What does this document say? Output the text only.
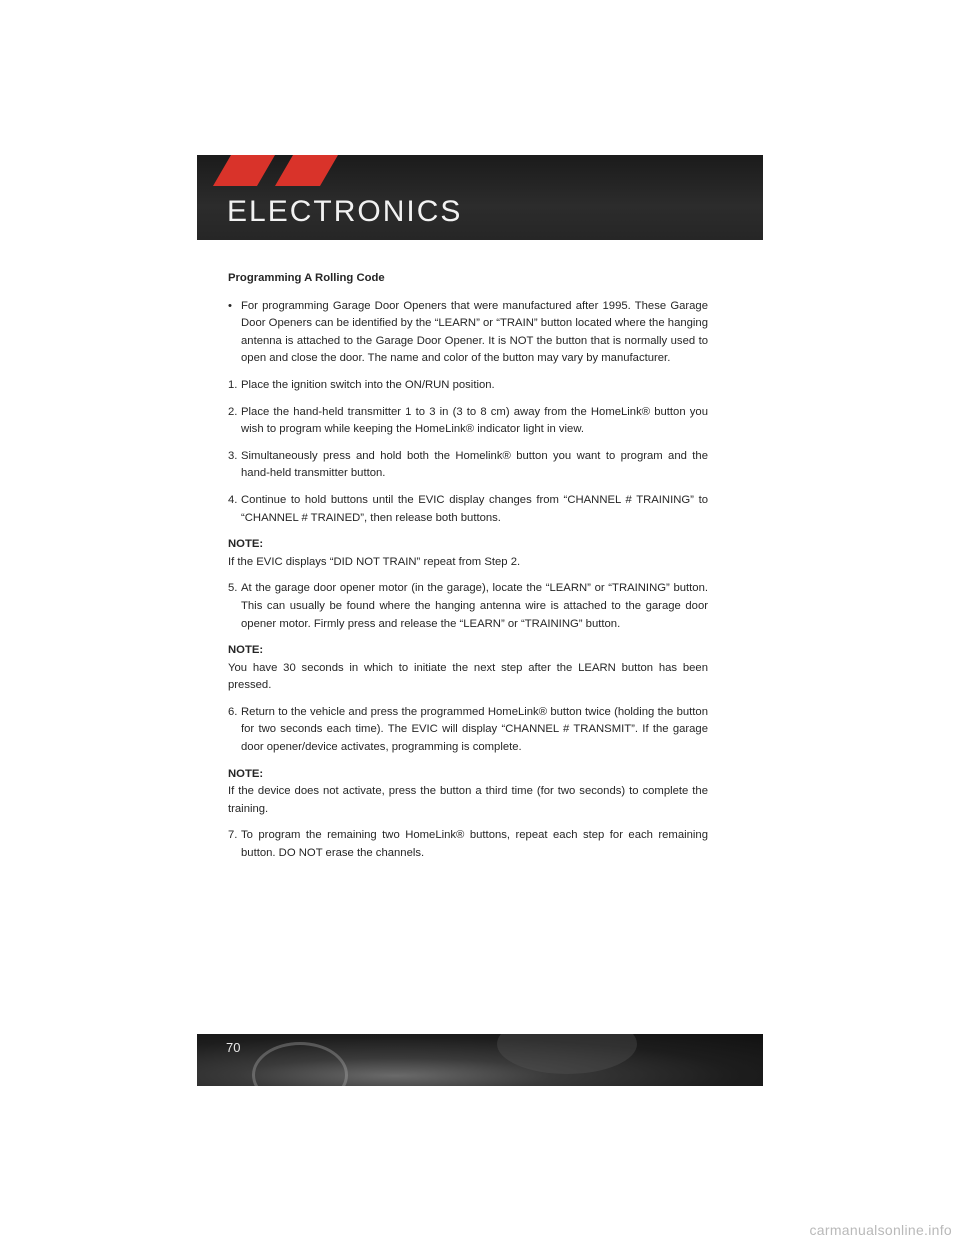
ELECTRONICS

Programming A Rolling Code

• For programming Garage Door Openers that were manufactured after 1995. These Garage Door Openers can be identified by the “LEARN” or “TRAIN” button located where the hanging antenna is attached to the Garage Door Opener. It is NOT the button that is normally used to open and close the door. The name and color of the button may vary by manufacturer.

1. Place the ignition switch into the ON/RUN position.

2. Place the hand-held transmitter 1 to 3 in (3 to 8 cm) away from the HomeLink® button you wish to program while keeping the HomeLink® indicator light in view.

3. Simultaneously press and hold both the Homelink® button you want to program and the hand-held transmitter button.

4. Continue to hold buttons until the EVIC display changes from “CHANNEL # TRAINING” to “CHANNEL # TRAINED”, then release both buttons.

NOTE:

If the EVIC displays “DID NOT TRAIN” repeat from Step 2.

5. At the garage door opener motor (in the garage), locate the “LEARN” or “TRAINING” button. This can usually be found where the hanging antenna wire is attached to the garage door opener motor. Firmly press and release the “LEARN” or “TRAINING” button.

NOTE:

You have 30 seconds in which to initiate the next step after the LEARN button has been pressed.

6. Return to the vehicle and press the programmed HomeLink® button twice (holding the button for two seconds each time). The EVIC will display “CHANNEL # TRANSMIT”. If the garage door opener/device activates, programming is complete.

NOTE:

If the device does not activate, press the button a third time (for two seconds) to complete the training.

7. To program the remaining two HomeLink® buttons, repeat each step for each remaining button. DO NOT erase the channels.

70
carmanualsonline.info
